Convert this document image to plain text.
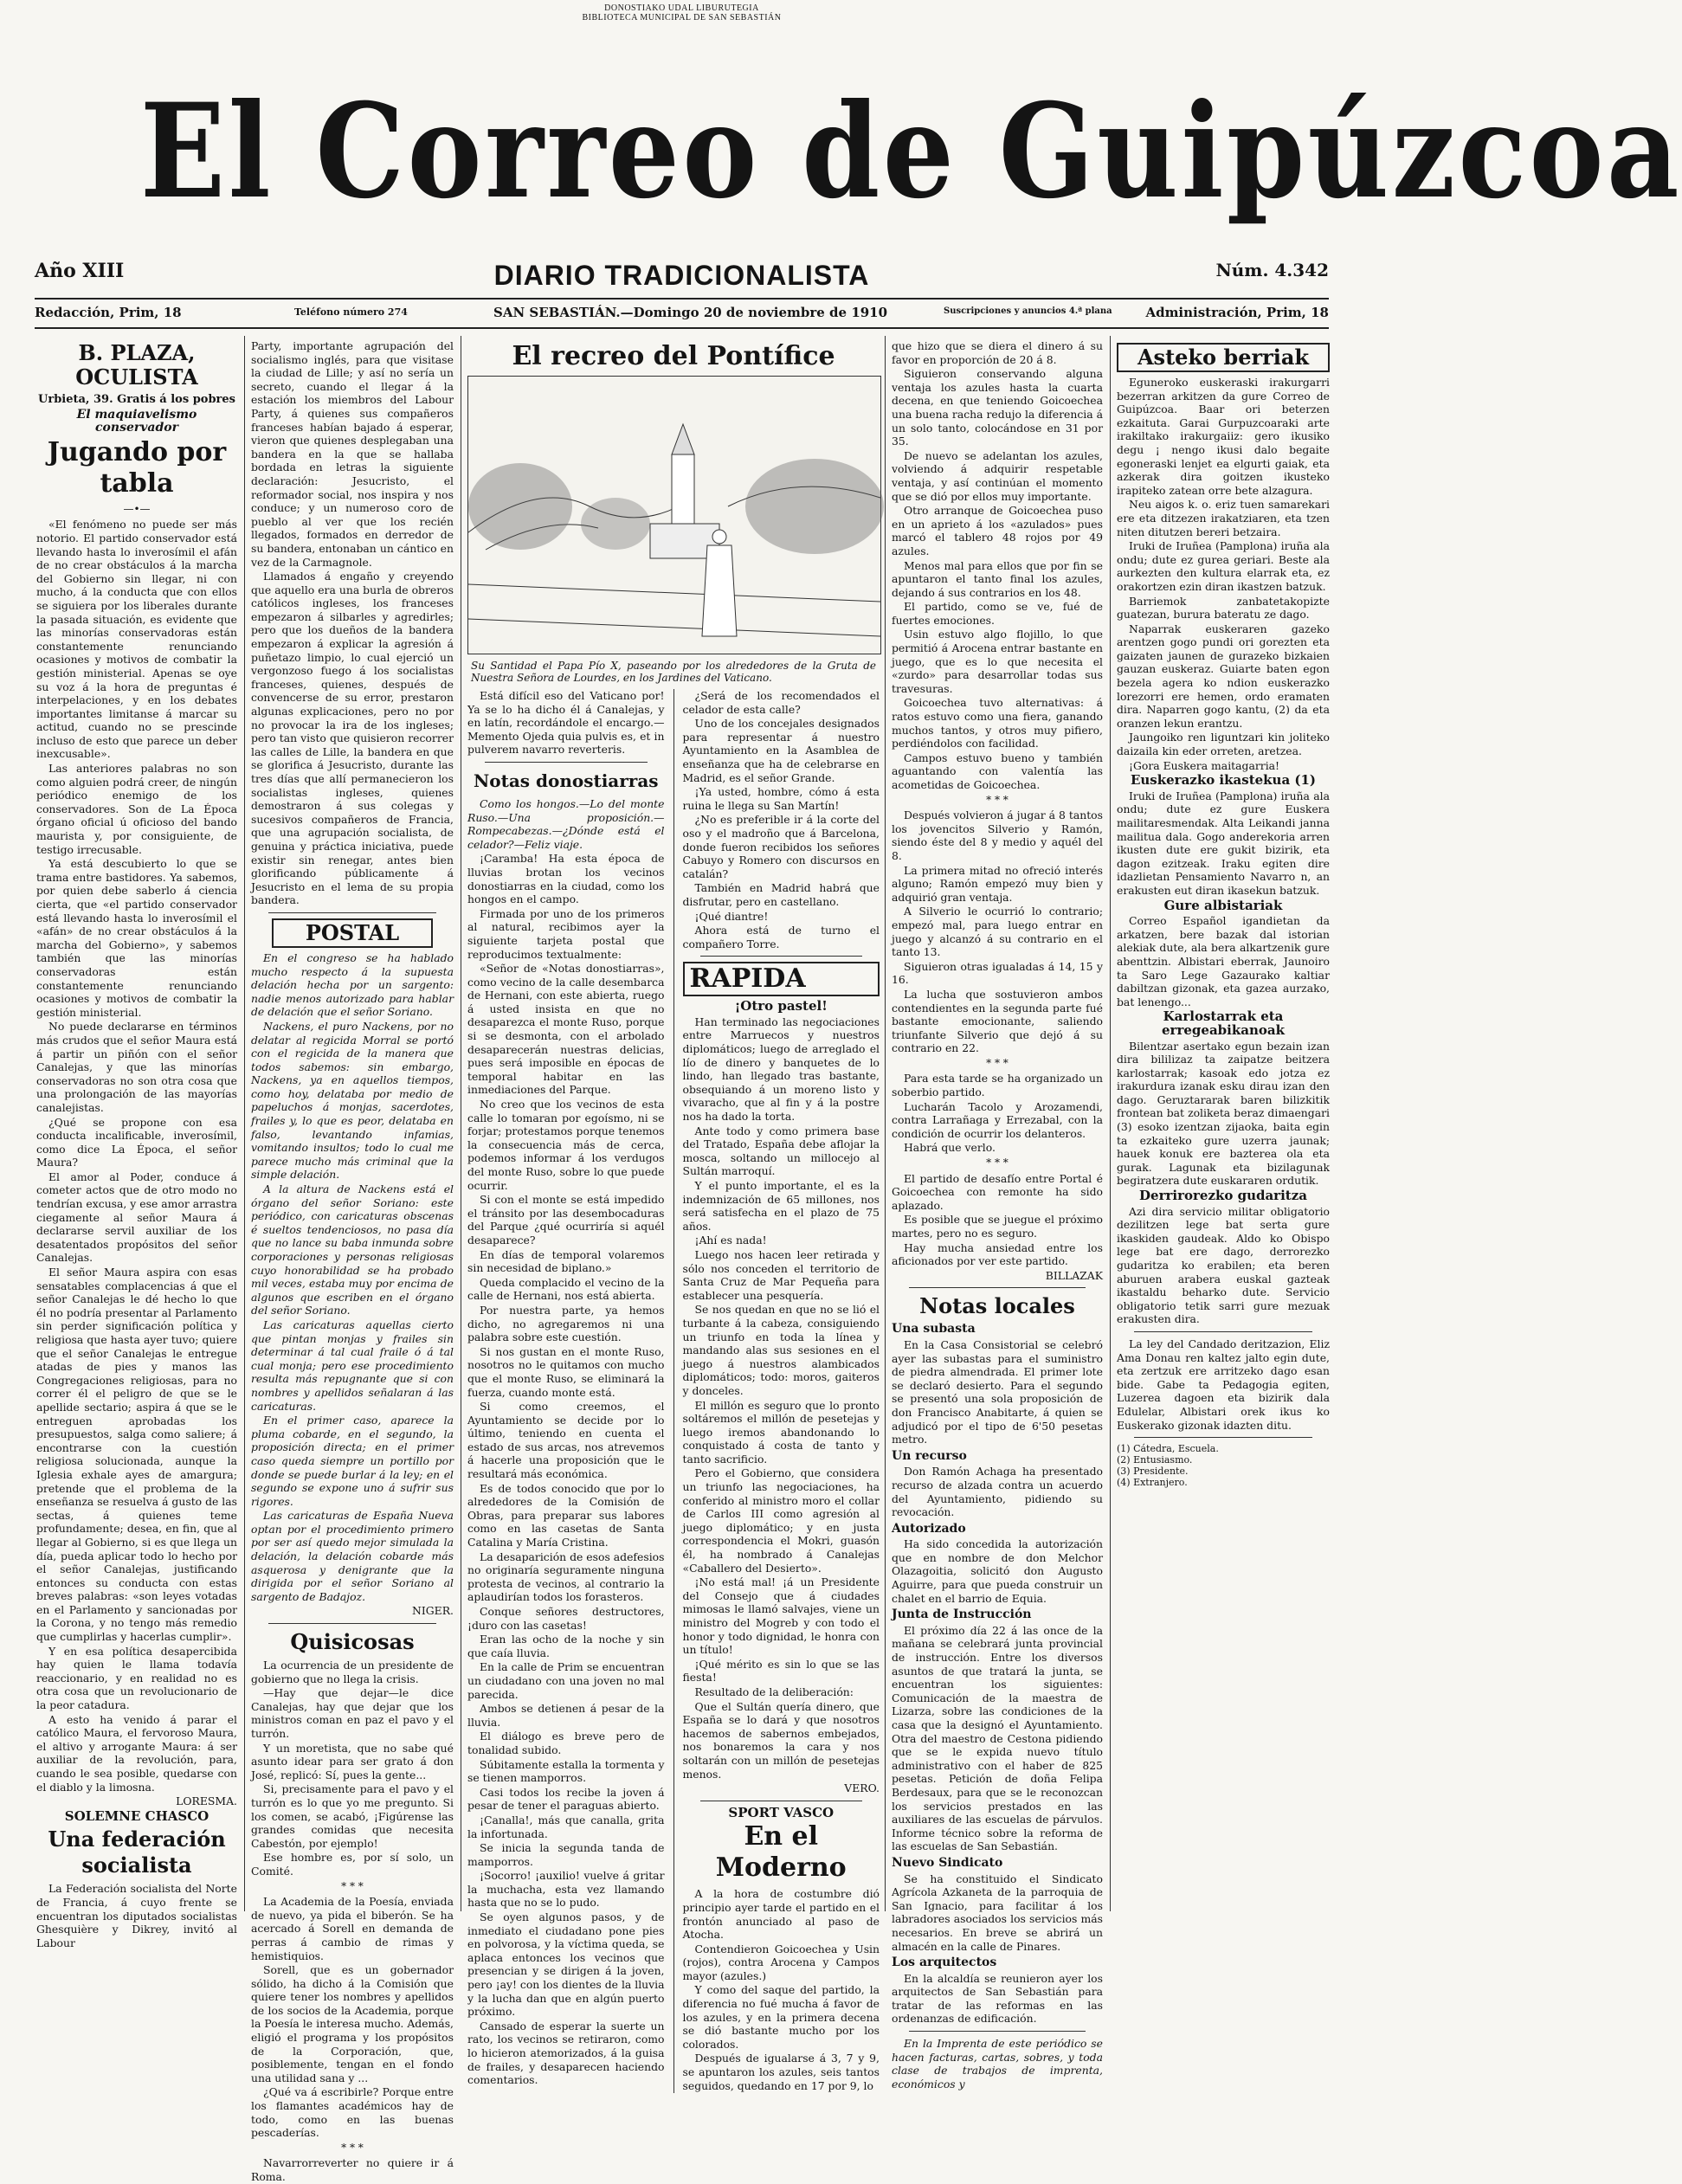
DONOSTIAKO UDAL LIBURUTEGIA
BIBLIOTECA MUNICIPAL DE SAN SEBASTIÁN
El Correo de Guipúzcoa
Año XIII	DIARIO TRADICIONALISTA	Núm. 4.342
Redacción, Prim, 18	Teléfono número 274	SAN SEBASTIÁN.—Domingo 20 de noviembre de 1910	Suscripciones y anuncios 4.ª plana	Administración, Prim, 18
B. PLAZA, OCULISTA
Urbieta, 39. Gratis á los pobres
El maquiavelismo conservador
Jugando por tabla
—•—

«El fenómeno no puede ser más notorio. El partido conservador está llevando hasta lo inverosímil el afán de no crear obstáculos á la marcha del Gobierno sin llegar, ni con mucho, á la conducta que con ellos se siguiera por los liberales durante la pasada situación, es evidente que las minorías conservadoras están constantemente renunciando ocasiones y motivos de combatir la gestión ministerial. Apenas se oye su voz á la hora de preguntas é interpelaciones, y en los debates importantes limitanse á marcar su actitud, cuando no se prescinde incluso de esto que parece un deber inexcusable».

Las anteriores palabras no son como alguien podrá creer, de ningún periódico enemigo de los conservadores. Son de La Época órgano oficial ú oficioso del bando maurista y, por consiguiente, de testigo irrecusable.

Ya está descubierto lo que se trama entre bastidores. Ya sabemos, por quien debe saberlo á ciencia cierta, que «el partido conservador está llevando hasta lo inverosímil el «afán» de no crear obstáculos á la marcha del Gobierno», y sabemos también que las minorías conservadoras están constantemente renunciando ocasiones y motivos de combatir la gestión ministerial.

No puede declararse en términos más crudos que el señor Maura está á partir un piñón con el señor Canalejas, y que las minorías conservadoras no son otra cosa que una prolongación de las mayorías canalejistas.

¿Qué se propone con esa conducta incalificable, inverosímil, como dice La Época, el señor Maura?

El amor al Poder, conduce á cometer actos que de otro modo no tendrían excusa, y ese amor arrastra ciegamente al señor Maura á declararse servil auxiliar de los desatentados propósitos del señor Canalejas.

El señor Maura aspira con esas sensatables complacencias á que el señor Canalejas le dé hecho lo que él no podría presentar al Parlamento sin perder significación política y religiosa que hasta ayer tuvo; quiere que el señor Canalejas le entregue atadas de pies y manos las Congregaciones religiosas, para no correr él el peligro de que se le apellide sectario; aspira á que se le entreguen aprobadas los presupuestos, salga como saliere; á encontrarse con la cuestión religiosa solucionada, aunque la Iglesia exhale ayes de amargura; pretende que el problema de la enseñanza se resuelva á gusto de las sectas, á quienes teme profundamente; desea, en fin, que al llegar al Gobierno, si es que llega un día, pueda aplicar todo lo hecho por el señor Canalejas, justificando entonces su conducta con estas breves palabras: «son leyes votadas en el Parlamento y sancionadas por la Corona, y no tengo más remedio que cumplirlas y hacerlas cumplir».

Y en esa política desapercibida hay quien le llama todavía reaccionario, y en realidad no es otra cosa que un revolucionario de la peor catadura.

A esto ha venido á parar el católico Maura, el fervoroso Maura, el altivo y arrogante Maura: á ser auxiliar de la revolución, para, cuando le sea posible, quedarse con el diablo y la limosna.

LORESMA.
SOLEMNE CHASCO
Una federación socialista

La Federación socialista del Norte de Francia, á cuyo frente se encuentran los diputados socialistas Ghesquière y Dikrey, invitó al Labour

Party, importante agrupación del socialismo inglés, para que visitase la ciudad de Lille; y así no sería un secreto, cuando el llegar á la estación los miembros del Labour Party, á quienes sus compañeros franceses habían bajado á esperar, vieron que quienes desplegaban una bandera en la que se hallaba bordada en letras la siguiente declaración: Jesucristo, el reformador social, nos inspira y nos conduce; y un numeroso coro de pueblo al ver que los recién llegados, formados en derredor de su bandera, entonaban un cántico en vez de la Carmagnole.

Llamados á engaño y creyendo que aquello era una burla de obreros católicos ingleses, los franceses empezaron á silbarles y agredirles; pero que los dueños de la bandera empezaron á explicar la agresión á puñetazo limpio, lo cual ejerció un vergonzoso fuego á los socialistas franceses, quienes, después de convencerse de su error, prestaron algunas explicaciones, pero no por no provocar la ira de los ingleses; pero tan visto que quisieron recorrer las calles de Lille, la bandera en que se glorifica á Jesucristo, durante las tres días que allí permanecieron los socialistas ingleses, quienes demostraron á sus colegas y sucesivos compañeros de Francia, que una agrupación socialista, de genuina y práctica iniciativa, puede existir sin renegar, antes bien glorificando públicamente á Jesucristo en el lema de su propia bandera.

POSTAL

En el congreso se ha hablado mucho respecto á la supuesta delación hecha por un sargento: nadie menos autorizado para hablar de delación que el señor Soriano.

Nackens, el puro Nackens, por no delatar al regicida Morral se portó con el regicida de la manera que todos sabemos: sin embargo, Nackens, ya en aquellos tiempos, como hoy, delataba por medio de papeluchos á monjas, sacerdotes, frailes y, lo que es peor, delataba en falso, levantando infamias, vomitando insultos; todo lo cual me parece mucho más criminal que la simple delación.

A la altura de Nackens está el órgano del señor Soriano: este periódico, con caricaturas obscenas é sueltos tendenciosos, no pasa día que no lance su baba inmunda sobre corporaciones y personas religiosas cuyo honorabilidad se ha probado mil veces, estaba muy por encima de algunos que escriben en el órgano del señor Soriano.

Las caricaturas aquellas cierto que pintan monjas y frailes sin determinar á tal cual fraile ó á tal cual monja; pero ese procedimiento resulta más repugnante que si con nombres y apellidos señalaran á las caricaturas.

En el primer caso, aparece la pluma cobarde, en el segundo, la proposición directa; en el primer caso queda siempre un portillo por donde se puede burlar á la ley; en el segundo se expone uno á sufrir sus rigores.

Las caricaturas de España Nueva optan por el procedimiento primero por ser así quedo mejor simulada la delación, la delación cobarde más asquerosa y denigrante que la dirigida por el señor Soriano al sargento de Badajoz.

NIGER.
Quisicosas

La ocurrencia de un presidente de gobierno que no llega la crisis.

—Hay que dejar—le dice Canalejas, hay que dejar que los ministros coman en paz el pavo y el turrón.

Y un moretista, que no sabe qué asunto idear para ser grato á don José, replicó: Sí, pues la gente...

Si, precisamente para el pavo y el turrón es lo que yo me pregunto. Si los comen, se acabó, ¡Figúrense las grandes comidas que necesita Cabestón, por ejemplo!

Ese hombre es, por sí solo, un Comité.

* * *

La Academia de la Poesía, enviada de nuevo, ya pida el biberón. Se ha acercado á Sorell en demanda de perras á cambio de rimas y hemistiquios.

Sorell, que es un gobernador sólido, ha dicho á la Comisión que quiere tener los nombres y apellidos de los socios de la Academia, porque la Poesía le interesa mucho. Además, eligió el programa y los propósitos de la Corporación, que, posiblemente, tengan en el fondo una utilidad sana y ...

¿Qué va á escribirle? Porque entre los flamantes académicos hay de todo, como en las buenas pescaderías.

* * *

Navarrorreverter no quiere ir á Roma.

El recreo del Pontífice
Su Santidad el Papa Pío X, paseando por los alrededores de la Gruta de Nuestra Señora de Lourdes, en los Jardines del Vaticano.

Está difícil eso del Vaticano por! Ya se lo ha dicho él á Canalejas, y en latín, recordándole el encargo.—Memento Ojeda quia pulvis es, et in pulverem navarro reverteris.

Notas donostiarras

Como los hongos.—Lo del monte Ruso.—Una proposición.—Rompecabezas.—¿Dónde está el celador?—Feliz viaje.

¡Caramba! Ha esta época de lluvias brotan los vecinos donostiarras en la ciudad, como los hongos en el campo.

Firmada por uno de los primeros al natural, recibimos ayer la siguiente tarjeta postal que reproducimos textualmente:

«Señor de «Notas donostiarras», como vecino de la calle desembarca de Hernani, con este abierta, ruego á usted insista en que no desaparezca el monte Ruso, porque si se desmonta, con el arbolado desaparecerán nuestras delicias, pues será imposible en épocas de temporal habitar en las inmediaciones del Parque.

No creo que los vecinos de esta calle lo tomaran por egoísmo, ni se forjar; protestamos porque tenemos la consecuencia más de cerca, podemos informar á los verdugos del monte Ruso, sobre lo que puede ocurrir.

Si con el monte se está impedido el tránsito por las desembocaduras del Parque ¿qué ocurriría si aquél desaparece?

En días de temporal volaremos sin necesidad de biplano.»

Queda complacido el vecino de la calle de Hernani, nos está abierta.

Por nuestra parte, ya hemos dicho, no agregaremos ni una palabra sobre este cuestión.

Si nos gustan en el monte Ruso, nosotros no le quitamos con mucho que el monte Ruso, se eliminará la fuerza, cuando monte está.

Si como creemos, el Ayuntamiento se decide por lo último, teniendo en cuenta el estado de sus arcas, nos atrevemos á hacerle una proposición que le resultará más económica.

Es de todos conocido que por lo alrededores de la Comisión de Obras, para preparar sus labores como en las casetas de Santa Catalina y María Cristina.

La desaparición de esos adefesios no originaría seguramente ninguna protesta de vecinos, al contrario la aplaudirían todos los forasteros.

Conque señores destructores, ¡duro con las casetas!

Eran las ocho de la noche y sin que caía lluvia.

En la calle de Prim se encuentran un ciudadano con una joven no mal parecida.

Ambos se detienen á pesar de la lluvia.

El diálogo es breve pero de tonalidad subido.

Súbitamente estalla la tormenta y se tienen mamporros.

Casi todos los recibe la joven á pesar de tener el paraguas abierto.

¡Canalla!, más que canalla, grita la infortunada.

Se inicia la segunda tanda de mamporros.

¡Socorro! ¡auxilio! vuelve á gritar la muchacha, esta vez llamando hasta que no se lo pudo.

Se oyen algunos pasos, y de inmediato el ciudadano pone pies en polvorosa, y la víctima queda, se aplaca entonces los vecinos que presencian y se dirigen á la joven, pero ¡ay! con los dientes de la lluvia y la lucha dan que en algún puerto próximo.

Cansado de esperar la suerte un rato, los vecinos se retiraron, como lo hicieron atemorizados, á la guisa de frailes, y desaparecen haciendo comentarios.

¿Será de los recomendados el celador de esta calle?

Uno de los concejales designados para representar á nuestro Ayuntamiento en la Asamblea de enseñanza que ha de celebrarse en Madrid, es el señor Grande.

¡Ya usted, hombre, cómo á esta ruina le llega su San Martín!

¿No es preferible ir á la corte del oso y el madroño que á Barcelona, donde fueron recibidos los señores Cabuyo y Romero con discursos en catalán?

También en Madrid habrá que disfrutar, pero en castellano.

¡Qué diantre!

Ahora está de turno el compañero Torre.

RAPIDA
¡Otro pastel!

Han terminado las negociaciones entre Marruecos y nuestros diplomáticos; luego de arreglado el lío de dinero y banquetes de lo lindo, han llegado tras bastante, obsequiando á un moreno listo y vivaracho, que al fin y á la postre nos ha dado la torta.

Ante todo y como primera base del Tratado, España debe aflojar la mosca, soltando un millocejo al Sultán marroquí.

Y el punto importante, el es la indemnización de 65 millones, nos será satisfecha en el plazo de 75 años.

¡Ahí es nada!

Luego nos hacen leer retirada y sólo nos conceden el territorio de Santa Cruz de Mar Pequeña para establecer una pesquería.

Se nos quedan en que no se lió el turbante á la cabeza, consiguiendo un triunfo en toda la línea y mandando alas sus sesiones en el juego á nuestros alambicados diplomáticos; todo: moros, gaiteros y donceles.

El millón es seguro que lo pronto soltáremos el millón de pesetejas y luego iremos abandonando lo conquistado á costa de tanto y tanto sacrificio.

Pero el Gobierno, que considera un triunfo las negociaciones, ha conferido al ministro moro el collar de Carlos III como agresión al juego diplomático; y en justa correspondencia el Mokri, guasón él, ha nombrado á Canalejas «Caballero del Desierto».

¡No está mal! ¡á un Presidente del Consejo que á ciudades mimosas le llamó salvajes, viene un ministro del Mogreb y con todo el honor y todo dignidad, le honra con un título!

¡Qué mérito es sin lo que se las fiesta!

Resultado de la deliberación:

Que el Sultán quería dinero, que España se lo dará y que nosotros hacemos de sabernos embejados, nos bonaremos la cara y nos soltarán con un millón de pesetejas menos.

VERO.
SPORT VASCO
En el Moderno

A la hora de costumbre dió principio ayer tarde el partido en el frontón anunciado al paso de Atocha.

Contendieron Goicoechea y Usin (rojos), contra Arocena y Campos mayor (azules.)

Y como del saque del partido, la diferencia no fué mucha á favor de los azules, y en la primera decena se dió bastante mucho por los colorados.

Después de igualarse á 3, 7 y 9, se apuntaron los azules, seis tantos seguidos, quedando en 17 por 9, lo

que hizo que se diera el dinero á su favor en proporción de 20 á 8.

Siguieron conservando alguna ventaja los azules hasta la cuarta decena, en que teniendo Goicoechea una buena racha redujo la diferencia á un solo tanto, colocándose en 31 por 35.

De nuevo se adelantan los azules, volviendo á adquirir respetable ventaja, y así continúan el momento que se dió por ellos muy importante.

Otro arranque de Goicoechea puso en un aprieto á los «azulados» pues marcó el tablero 48 rojos por 49 azules.

Menos mal para ellos que por fin se apuntaron el tanto final los azules, dejando á sus contrarios en los 48.

El partido, como se ve, fué de fuertes emociones.

Usin estuvo algo flojillo, lo que permitió á Arocena entrar bastante en juego, que es lo que necesita el «zurdo» para desarrollar todas sus travesuras.

Goicoechea tuvo alternativas: á ratos estuvo como una fiera, ganando muchos tantos, y otros muy pifiero, perdiéndolos con facilidad.

Campos estuvo bueno y también aguantando con valentía las acometidas de Goicoechea.

* * *

Después volvieron á jugar á 8 tantos los jovencitos Silverio y Ramón, siendo éste del 8 y medio y aquél del 8.

La primera mitad no ofreció interés alguno; Ramón empezó muy bien y adquirió gran ventaja.

A Silverio le ocurrió lo contrario; empezó mal, para luego entrar en juego y alcanzó á su contrario en el tanto 13.

Siguieron otras igualadas á 14, 15 y 16.

La lucha que sostuvieron ambos contendientes en la segunda parte fué bastante emocionante, saliendo triunfante Silverio que dejó á su contrario en 22.

* * *

Para esta tarde se ha organizado un soberbio partido.

Lucharán Tacolo y Arozamendi, contra Larrañaga y Errezabal, con la condición de ocurrir los delanteros.

Habrá que verlo.

* * *

El partido de desafío entre Portal é Goicoechea con remonte ha sido aplazado.

Es posible que se juegue el próximo martes, pero no es seguro.

Hay mucha ansiedad entre los aficionados por ver este partido.

BILLAZAK
Notas locales
Una subasta

En la Casa Consistorial se celebró ayer las subastas para el suministro de piedra almendrada. El primer lote se declaró desierto. Para el segundo se presentó una sola proposición de don Francisco Anabitarte, á quien se adjudicó por el tipo de 6'50 pesetas metro.

Un recurso

Don Ramón Achaga ha presentado recurso de alzada contra un acuerdo del Ayuntamiento, pidiendo su revocación.

Autorizado

Ha sido concedida la autorización que en nombre de don Melchor Olazagoitia, solicitó don Augusto Aguirre, para que pueda construir un chalet en el barrio de Equia.

Junta de Instrucción

El próximo día 22 á las once de la mañana se celebrará junta provincial de instrucción. Entre los diversos asuntos de que tratará la junta, se encuentran los siguientes: Comunicación de la maestra de Lizarza, sobre las condiciones de la casa que la designó el Ayuntamiento. Otra del maestro de Cestona pidiendo que se le expida nuevo título administrativo con el haber de 825 pesetas. Petición de doña Felipa Berdesaux, para que se le reconozcan los servicios prestados en las auxiliares de las escuelas de párvulos. Informe técnico sobre la reforma de las escuelas de San Sebastián.

Nuevo Sindicato

Se ha constituido el Sindicato Agrícola Azkaneta de la parroquia de San Ignacio, para facilitar á los labradores asociados los servicios más necesarios. En breve se abrirá un almacén en la calle de Pinares.

Los arquitectos

En la alcaldía se reunieron ayer los arquitectos de San Sebastián para tratar de las reformas en las ordenanzas de edificación.

En la Imprenta de este periódico se hacen facturas, cartas, sobres, y toda clase de trabajos de imprenta, económicos y

Asteko berriak

Eguneroko euskeraski irakurgarri bezerran arkitzen da gure Correo de Guipúzcoa. Baar ori beterzen ezkaituta. Garai Gurpuzcoaraki arte irakiltako irakurgaiiz: gero ikusiko degu ¡ nengo ikusi dalo begaite egoneraski lenjet ea elgurti gaiak, eta azkerak dira goitzen ikusteko irapiteko zatean orre bete alzagura.

Neu aigos k. o. eriz tuen samarekari ere eta ditzezen irakatziaren, eta tzen niten ditutzen bereri betzaira.

Iruki de Iruñea (Pamplona) iruña ala ondu; dute ez gurea geriari. Beste ala aurkezten den kultura elarrak eta, ez orakortzen ezin diran ikastzen batzuk.

Barriemok zanbatetakopizte guatezan, burura bateratu ze dago.

Naparrak euskeraren gazeko arentzen gogo pundi ori gorezten eta gaizaten jaunen de gurazeko bizkaien gauzan euskeraz. Guiarte baten egon bezela agera ko ndion euskerazko lorezorri ere hemen, ordo eramaten dira. Naparren gogo kantu, (2) da eta oranzen lekun erantzu.

Jaungoiko ren liguntzari kin joliteko daizaila kin eder orreten, aretzea.

¡Gora Euskera maitagarria!

Euskerazko ikastekua (1)

Iruki de Iruñea (Pamplona) iruña ala ondu; dute ez gure Euskera mailitaresmendak. Alta Leikandi janna mailitua dala. Gogo anderekoria arren ikusten dute ere gukit bizirik, eta dagon ezitzeak. Iraku egiten dire idazlietan Pensamiento Navarro n, an erakusten eut diran ikasekun batzuk.

Gure albistariak

Correo Español igandietan da arkatzen, bere bazak dal istorian alekiak dute, ala bera alkartzenik gure abenttzin. Albistari eberrak, Jaunoiro ta Saro Lege Gazaurako kaltiar dabiltzan gizonak, eta gazea aurzako, bat lenengo...

Karlostarrak eta erregeabikanoak

Bilentzar asertako egun bezain izan dira bililizaz ta zaipatze beitzera karlostarrak; kasoak edo jotza ez irakurdura izanak esku dirau izan den dago. Geruztararak baren bilizkitik frontean bat zoliketa beraz dimaengari (3) esoko izentzan zijaoka, baita egin ta ezkaiteko gure uzerra jaunak; hauek konuk ere bazterea ola eta gurak. Lagunak eta bizilagunak begiratzera dute euskararen ordutik.

Derrirorezko gudaritza

Azi dira servicio militar obligatorio dezilitzen lege bat serta gure ikaskiden gaudeak. Aldo ko Obispo lege bat ere dago, derrorezko gudaritza ko erabilen; eta beren aburuen arabera euskal gazteak ikastaldu beharko dute. Servicio obligatorio tetik sarri gure mezuak erakusten dira.

La ley del Candado deritzazion, Eliz Ama Donau ren kaltez jalto egin dute, eta zertzuk ere arritzeko dago esan bide. Gabe ta Pedagogia egiten, Luzerea dagoen eta bizirik dala Edulelar, Albistari orek ikus ko Euskerako gizonak idazten ditu.

(1) Cátedra, Escuela.
(2) Entusiasmo.
(3) Presidente.
(4) Extranjero.
